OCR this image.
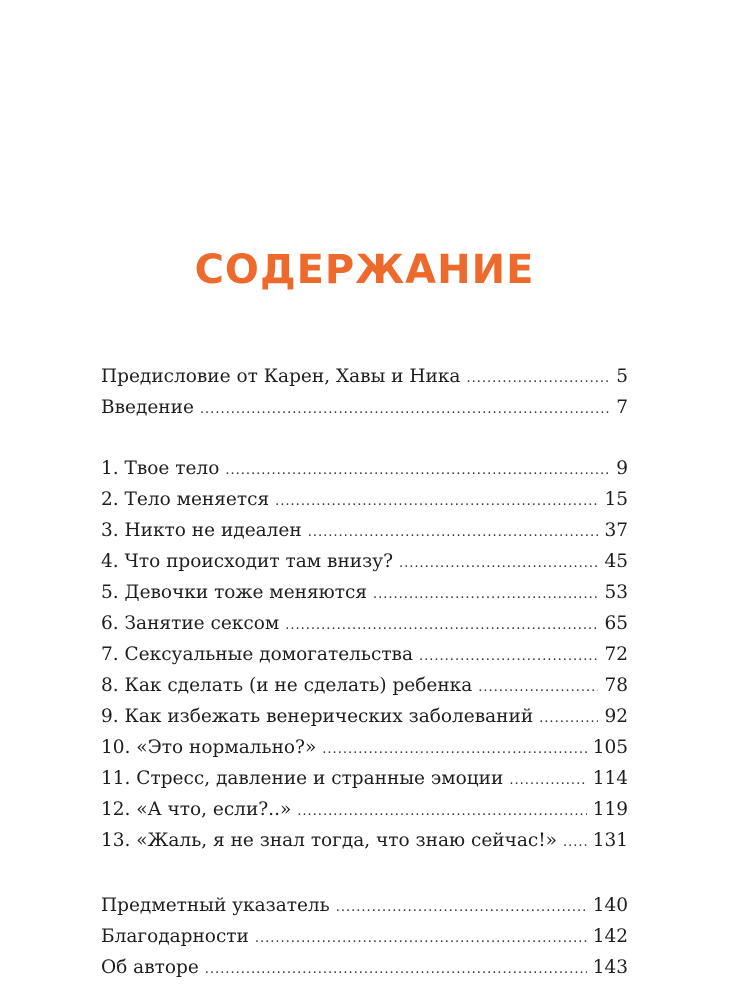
СОДЕРЖАНИЕ
Предисловие от Карен, Хавы и Ника .....	5
Введение .....	7
1. Твое тело .....	9
2. Тело меняется .....	15
3. Никто не идеален .....	37
4. Что происходит там внизу? .....	45
5. Девочки тоже меняются .....	53
6. Занятие сексом .....	65
7. Сексуальные домогательства .....	72
8. Как сделать (и не сделать) ребенка .....	78
9. Как избежать венерических заболеваний .....	92
10. «Это нормально?» .....	105
11. Стресс, давление и странные эмоции .....	114
12. «А что, если?..» .....	119
13. «Жаль, я не знал тогда, что знаю сейчас!» .....	131
Предметный указатель .....	140
Благодарности .....	142
Об авторе .....	143
